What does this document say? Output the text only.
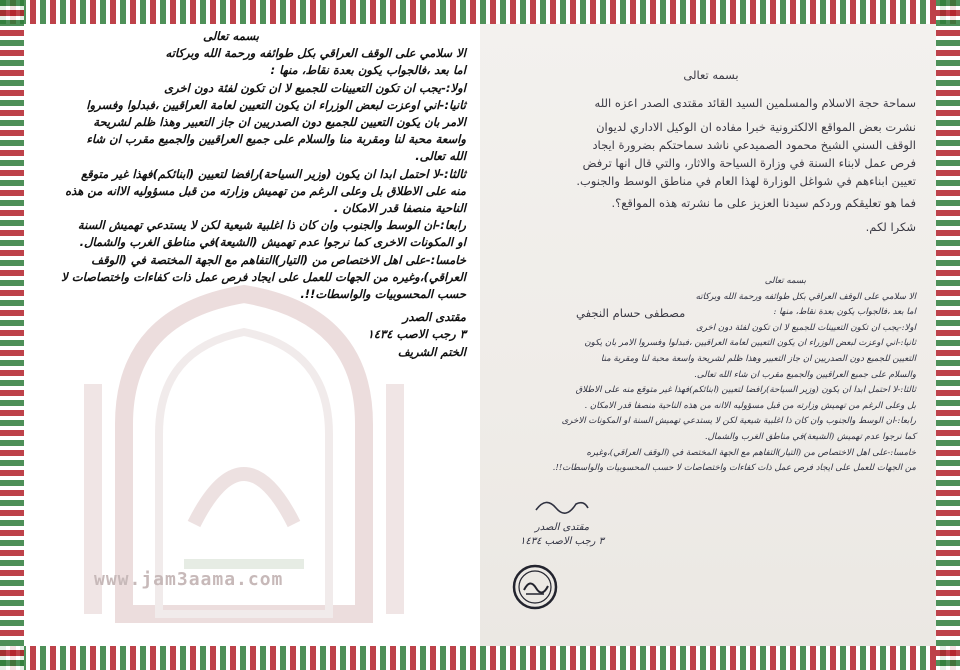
www.jam3aama.com

بسمه تعالى

الا سلامي على الوقف العراقي بكل طوائفه ورحمة الله وبركاته

اما بعد ،فالجواب يكون بعدة نقاط، منها :

اولا:-يجب ان تكون التعيينات للجميع لا ان تكون لفئة دون اخرى

ثانيا:-اني اوعزت لبعض الوزراء ان يكون التعيين لعامة العراقيين ،فبدلوا وفسروا

الامر بان يكون التعيين للجميع دون الصدريين ان جاز التعبير وهذا ظلم لشريحة

واسعة محبة لنا ومقربة منا والسلام على جميع العراقيين والجميع مقرب ان شاء

الله تعالى.

ثالثا:-لا احتمل ابدا ان يكون (وزير السياحة)رافضا لتعيين (ابنائكم)فهذا غير متوقع

منه على الاطلاق بل وعلى الرغم من تهميش وزارته من قبل مسؤوليه الاانه من هذه

الناحية منصفا قدر الامكان .

رابعا:-ان الوسط والجنوب وان كان ذا اغلبية شيعية لكن لا يستدعي تهميش السنة

او المكونات الاخرى كما نرجوا عدم تهميش (الشيعة)في مناطق الغرب والشمال.

خامسا:-على اهل الاختصاص من (التيار)التفاهم مع الجهة المختصة في (الوقف

العراقي)،وغيره من الجهات للعمل على ايجاد فرص عمل ذات كفاءات واختصاصات لا

حسب المحسوبيات والواسطات!!.

مقتدى الصدر

٣ رجب الاصب ١٤٣٤

الختم الشريف

بسمه تعالى

سماحة حجة الاسلام والمسلمين السيد القائد مقتدى الصدر اعزه الله

نشرت بعض المواقع الالكترونية خبرا مفاده ان الوكيل الاداري لديوان

الوقف السني الشيخ محمود الصميدعي ناشد سماحتكم بضرورة ايجاد

فرص عمل لابناء السنة في وزارة السياحة والاثار، والتي قال انها ترفض

تعيين ابناءهم في شواغل الوزارة لهذا العام في مناطق الوسط والجنوب.

فما هو تعليقكم وردكم سيدنا العزيز على ما نشرته هذه المواقع؟.

شكرا لكم.

بسمه تعالى

الا سلامي على الوقف العراقي بكل طوائفه ورحمة الله وبركاته

اما بعد ،فالجواب يكون بعدة نقاط، منها :

اولا:-يجب ان تكون التعيينات للجميع لا ان تكون لفئة دون اخرى

ثانيا:-اني اوعزت لبعض الوزراء ان يكون التعيين لعامة العراقيين ،فبدلوا وفسروا الامر بان يكون

التعيين للجميع دون الصدريين ان جاز التعبير وهذا ظلم لشريحة واسعة محبة لنا ومقربة منا

والسلام على جميع العراقيين والجميع مقرب ان شاء الله تعالى.

ثالثا:-لا احتمل ابدا ان يكون (وزير السياحة)رافضا لتعيين (ابنائكم)فهذا غير متوقع منه على الاطلاق

بل وعلى الرغم من تهميش وزارته من قبل مسؤوليه الاانه من هذه الناحية منصفا قدر الامكان .

رابعا:-ان الوسط والجنوب وان كان ذا اغلبية شيعية لكن لا يستدعي تهميش السنة او المكونات الاخرى

كما نرجوا عدم تهميش (الشيعة)في مناطق الغرب والشمال.

خامسا:-على اهل الاختصاص من (التيار)التفاهم مع الجهة المختصة في (الوقف العراقي)،وغيره

من الجهات للعمل على ايجاد فرص عمل ذات كفاءات واختصاصات لا حسب المحسوبيات والواسطات!!.

مصطفى حسام النجفي

مقتدى الصدر

٣ رجب الاصب ١٤٣٤
